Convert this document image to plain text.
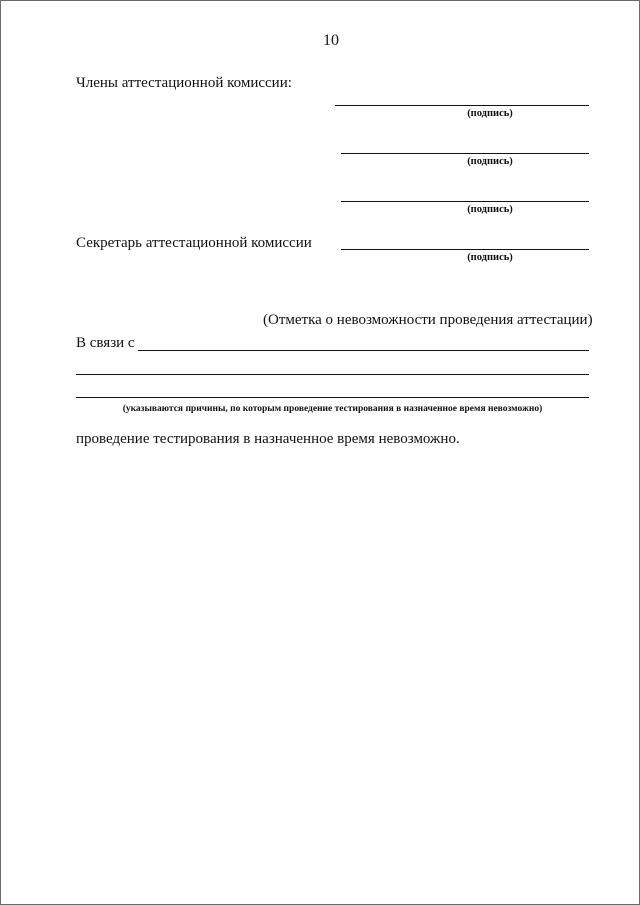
10
Члены аттестационной комиссии:
(подпись)
(подпись)
(подпись)
Секретарь аттестационной комиссии
(подпись)
(Отметка о невозможности проведения аттестации)
В связи с
(указываются причины, по которым проведение тестирования в назначенное время невозможно)
проведение тестирования в назначенное время невозможно.
